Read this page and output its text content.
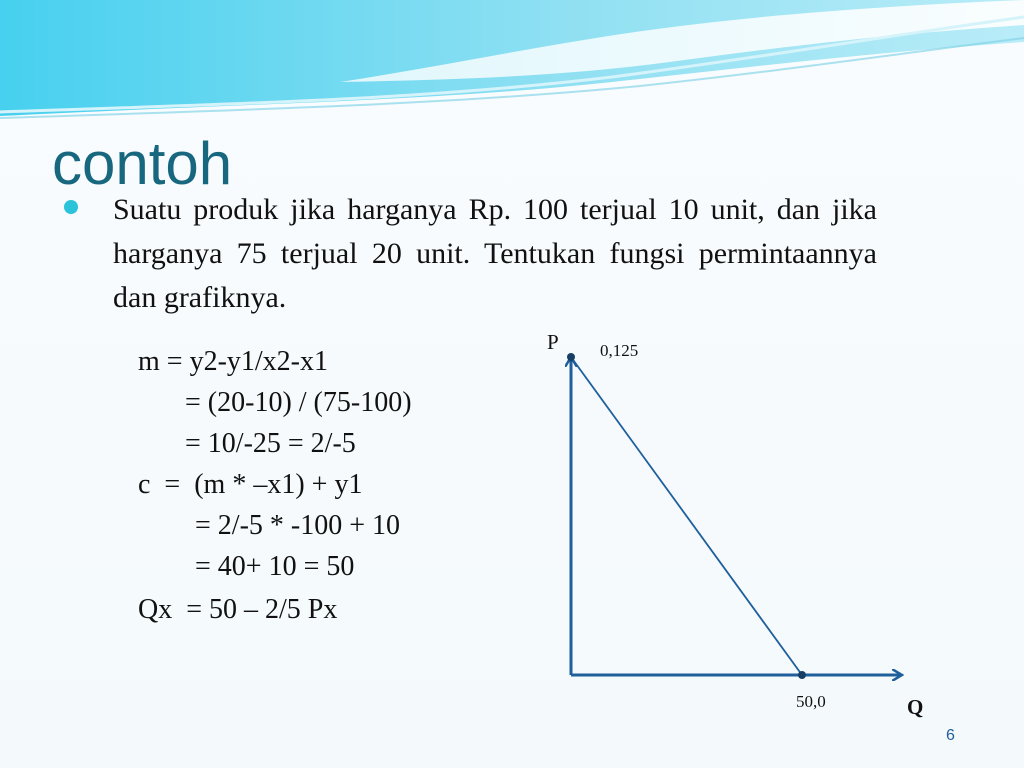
contoh

Suatu produk jika harganya Rp. 100 terjual 10 unit, dan jika harganya 75 terjual 20 unit. Tentukan fungsi permintaannya dan grafiknya.

m = y2-y1/x2-x1
= (20-10) / (75-100)
= 10/-25 = 2/-5
c  =  (m * –x1) + y1
= 2/-5 * -100 + 10
= 40+ 10 = 50
Qx  = 50 – 2/5 Px
P
Q
0,125
50,0
6
